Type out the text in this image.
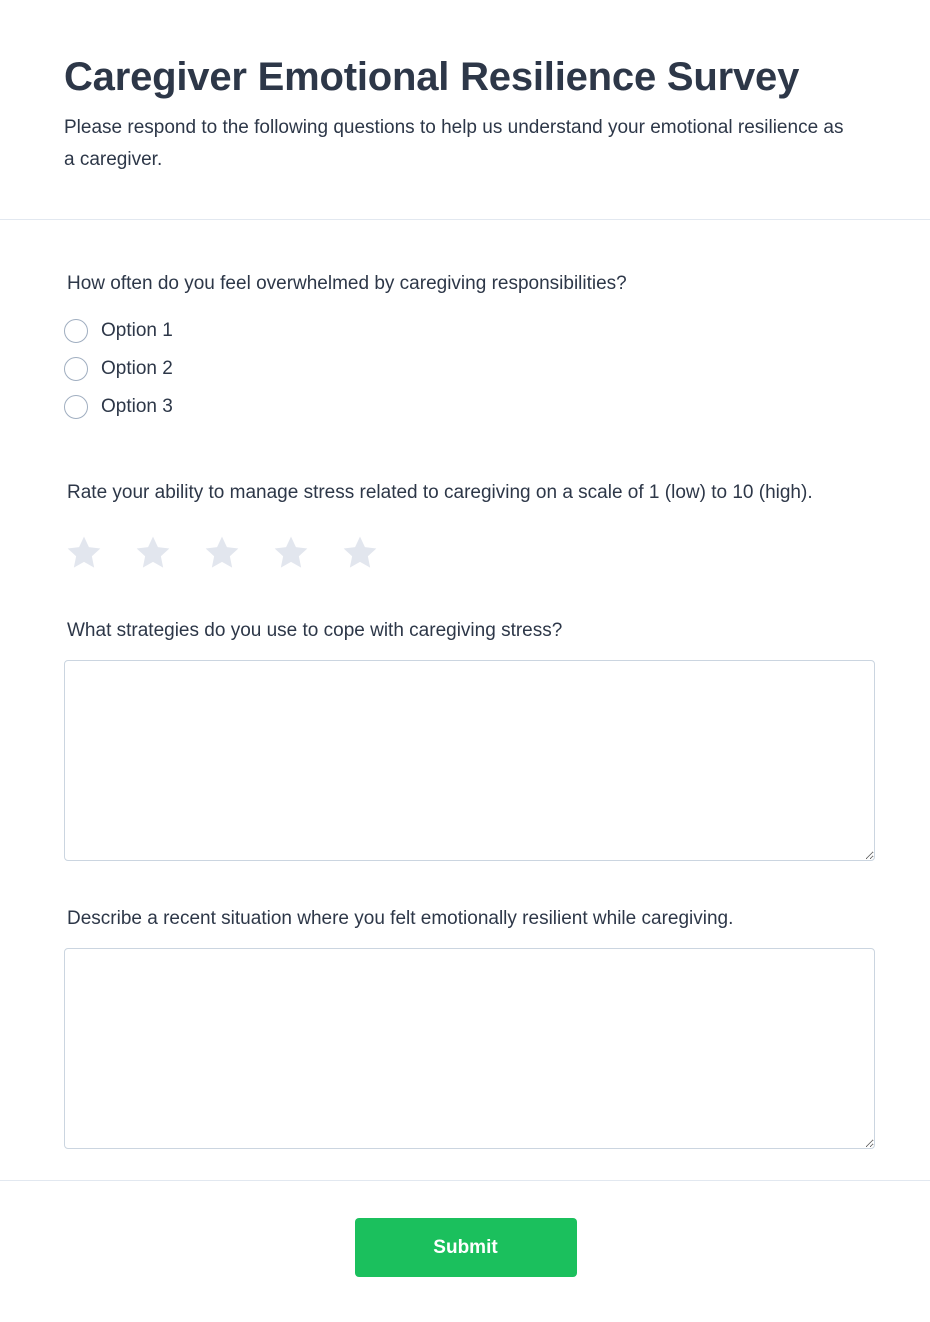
Caregiver Emotional Resilience Survey

Please respond to the following questions to help us understand your emotional resilience as a caregiver.

How often do you feel overwhelmed by caregiving responsibilities?
Option 1
Option 2
Option 3
Rate your ability to manage stress related to caregiving on a scale of 1 (low) to 10 (high).
What strategies do you use to cope with caregiving stress?
Describe a recent situation where you felt emotionally resilient while caregiving.
Submit
